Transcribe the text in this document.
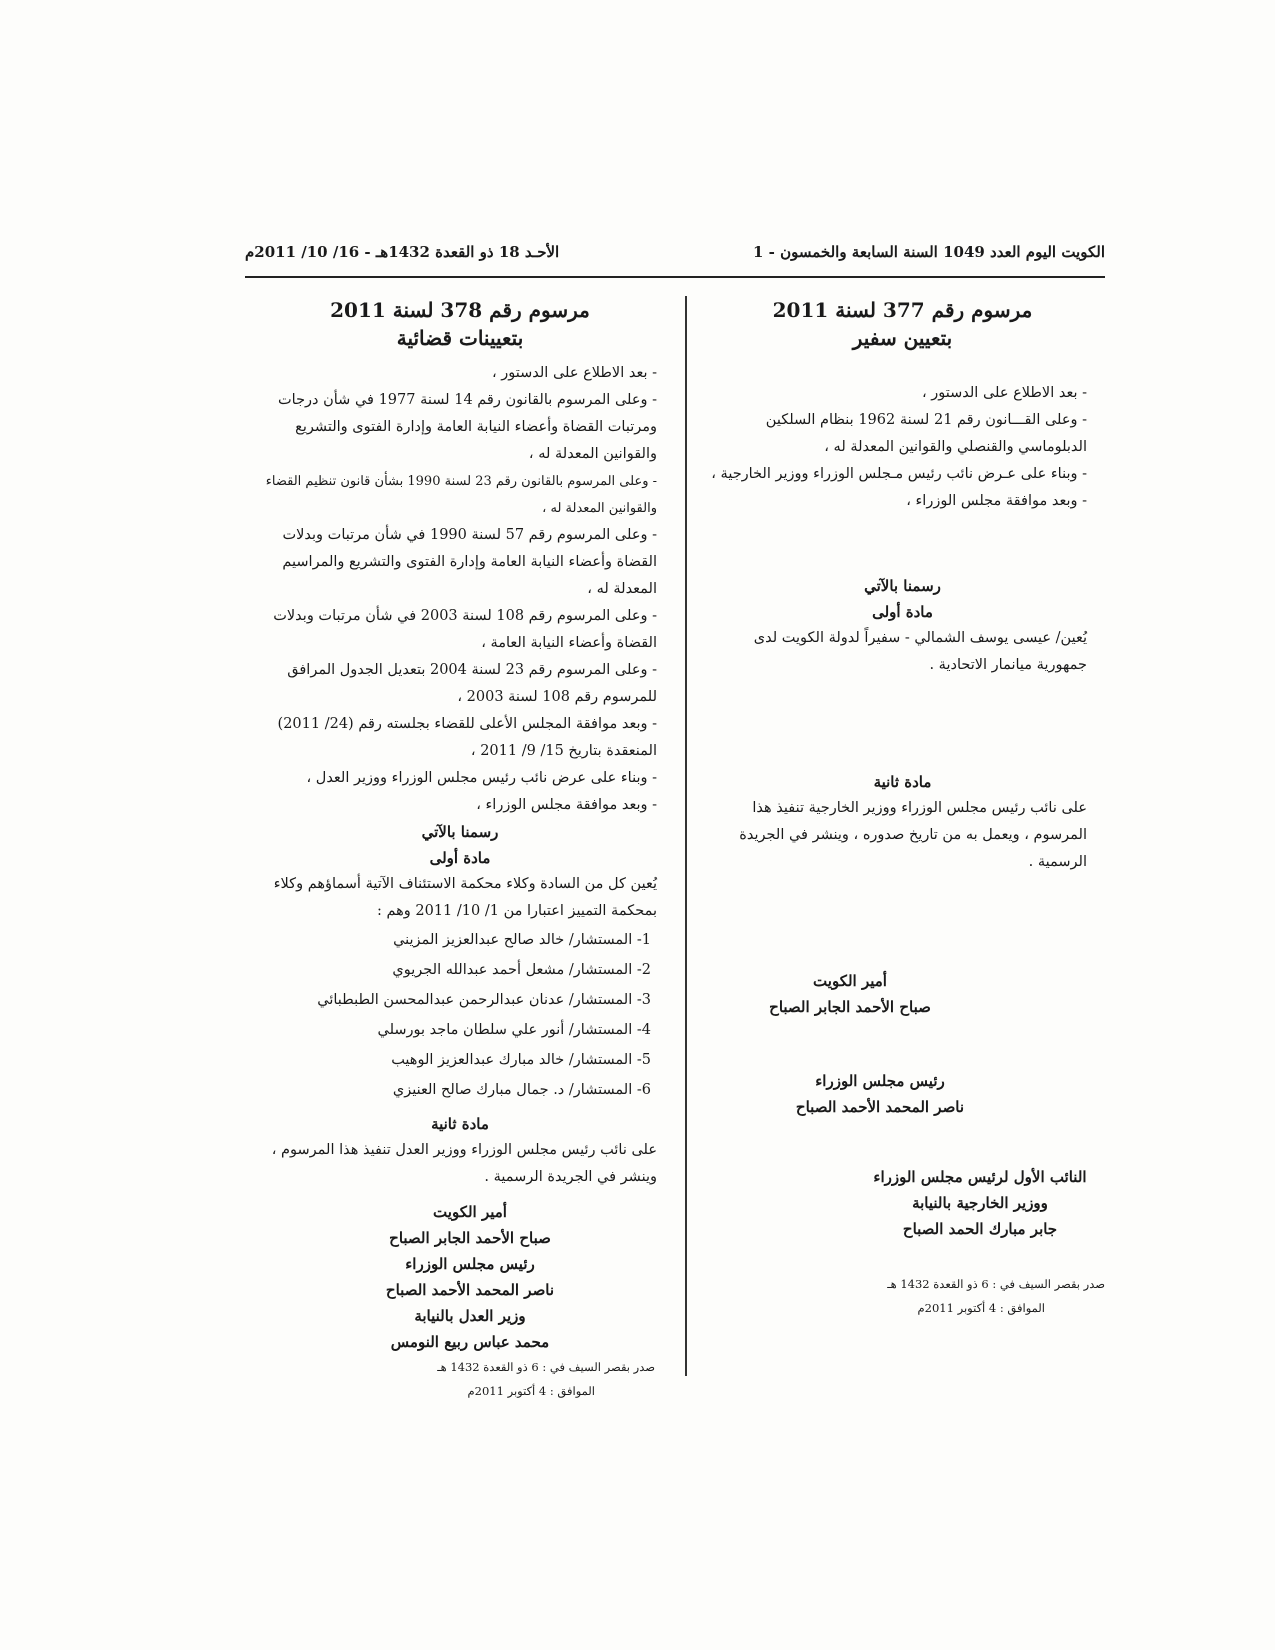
الكويت اليوم العدد 1049 السنة السابعة والخمسون - 1
الأحـد 18 ذو القعدة 1432هـ - 16/ 10/ 2011م

مرسوم رقم 377 لسنة 2011

بتعيين سفير

- بعد الاطلاع على الدستور ،

- وعلى القـــانون رقم 21 لسنة 1962 بنظام السلكين الدبلوماسي والقنصلي والقوانين المعدلة له ،

- وبناء على عـرض نائب رئيس مـجلس الوزراء ووزير الخارجية ،

- وبعد موافقة مجلس الوزراء ،

رسمنا بالآتي

مادة أولى

يُعين/ عيسى يوسف الشمالي - سفيراً لدولة الكويت لدى جمهورية ميانمار الاتحادية .

مادة ثانية

على نائب رئيس مجلس الوزراء ووزير الخارجية تنفيذ هذا المرسوم ، ويعمل به من تاريخ صدوره ، وينشر في الجريدة الرسمية .

أمير الكويت

صباح الأحمد الجابر الصباح

رئيس مجلس الوزراء

ناصر المحمد الأحمد الصباح

النائب الأول لرئيس مجلس الوزراء

ووزير الخارجية بالنيابة

جابر مبارك الحمد الصباح

صدر بقصر السيف في : 6 ذو القعدة 1432 هـ

الموافق : 4 أكتوبر 2011م

مرسوم رقم 378 لسنة 2011

بتعيينات قضائية

- بعد الاطلاع على الدستور ،

- وعلى المرسوم بالقانون رقم 14 لسنة 1977 في شأن درجات ومرتبات القضاة وأعضاء النيابة العامة وإدارة الفتوى والتشريع والقوانين المعدلة له ،

- وعلى المرسوم بالقانون رقم 23 لسنة 1990 بشأن قانون تنظيم القضاء والقوانين المعدلة له ،

- وعلى المرسوم رقم 57 لسنة 1990 في شأن مرتبات وبدلات القضاة وأعضاء النيابة العامة وإدارة الفتوى والتشريع والمراسيم المعدلة له ،

- وعلى المرسوم رقم 108 لسنة 2003 في شأن مرتبات وبدلات القضاة وأعضاء النيابة العامة ،

- وعلى المرسوم رقم 23 لسنة 2004 بتعديل الجدول المرافق للمرسوم رقم 108 لسنة 2003 ،

- وبعد موافقة المجلس الأعلى للقضاء بجلسته رقم (24/ 2011) المنعقدة بتاريخ 15/ 9/ 2011 ،

- وبناء على عرض نائب رئيس مجلس الوزراء ووزير العدل ،

- وبعد موافقة مجلس الوزراء ،

رسمنا بالآتي

مادة أولى

يُعين كل من السادة وكلاء محكمة الاستئناف الآتية أسماؤهم وكلاء بمحكمة التمييز اعتبارا من 1/ 10/ 2011 وهم :

1- المستشار/ خالد صالح عبدالعزيز المزيني

2- المستشار/ مشعل أحمد عبدالله الجريوي

3- المستشار/ عدنان عبدالرحمن عبدالمحسن الطبطبائي

4- المستشار/ أنور علي سلطان ماجد بورسلي

5- المستشار/ خالد مبارك عبدالعزيز الوهيب

6- المستشار/ د. جمال مبارك صالح العنيزي

مادة ثانية

على نائب رئيس مجلس الوزراء ووزير العدل تنفيذ هذا المرسوم ، وينشر في الجريدة الرسمية .

أمير الكويت

صباح الأحمد الجابر الصباح

رئيس مجلس الوزراء

ناصر المحمد الأحمد الصباح

وزير العدل بالنيابة

محمد عباس ربيع النومس

صدر بقصر السيف في : 6 ذو القعدة 1432 هـ

الموافق : 4 أكتوبر 2011م
